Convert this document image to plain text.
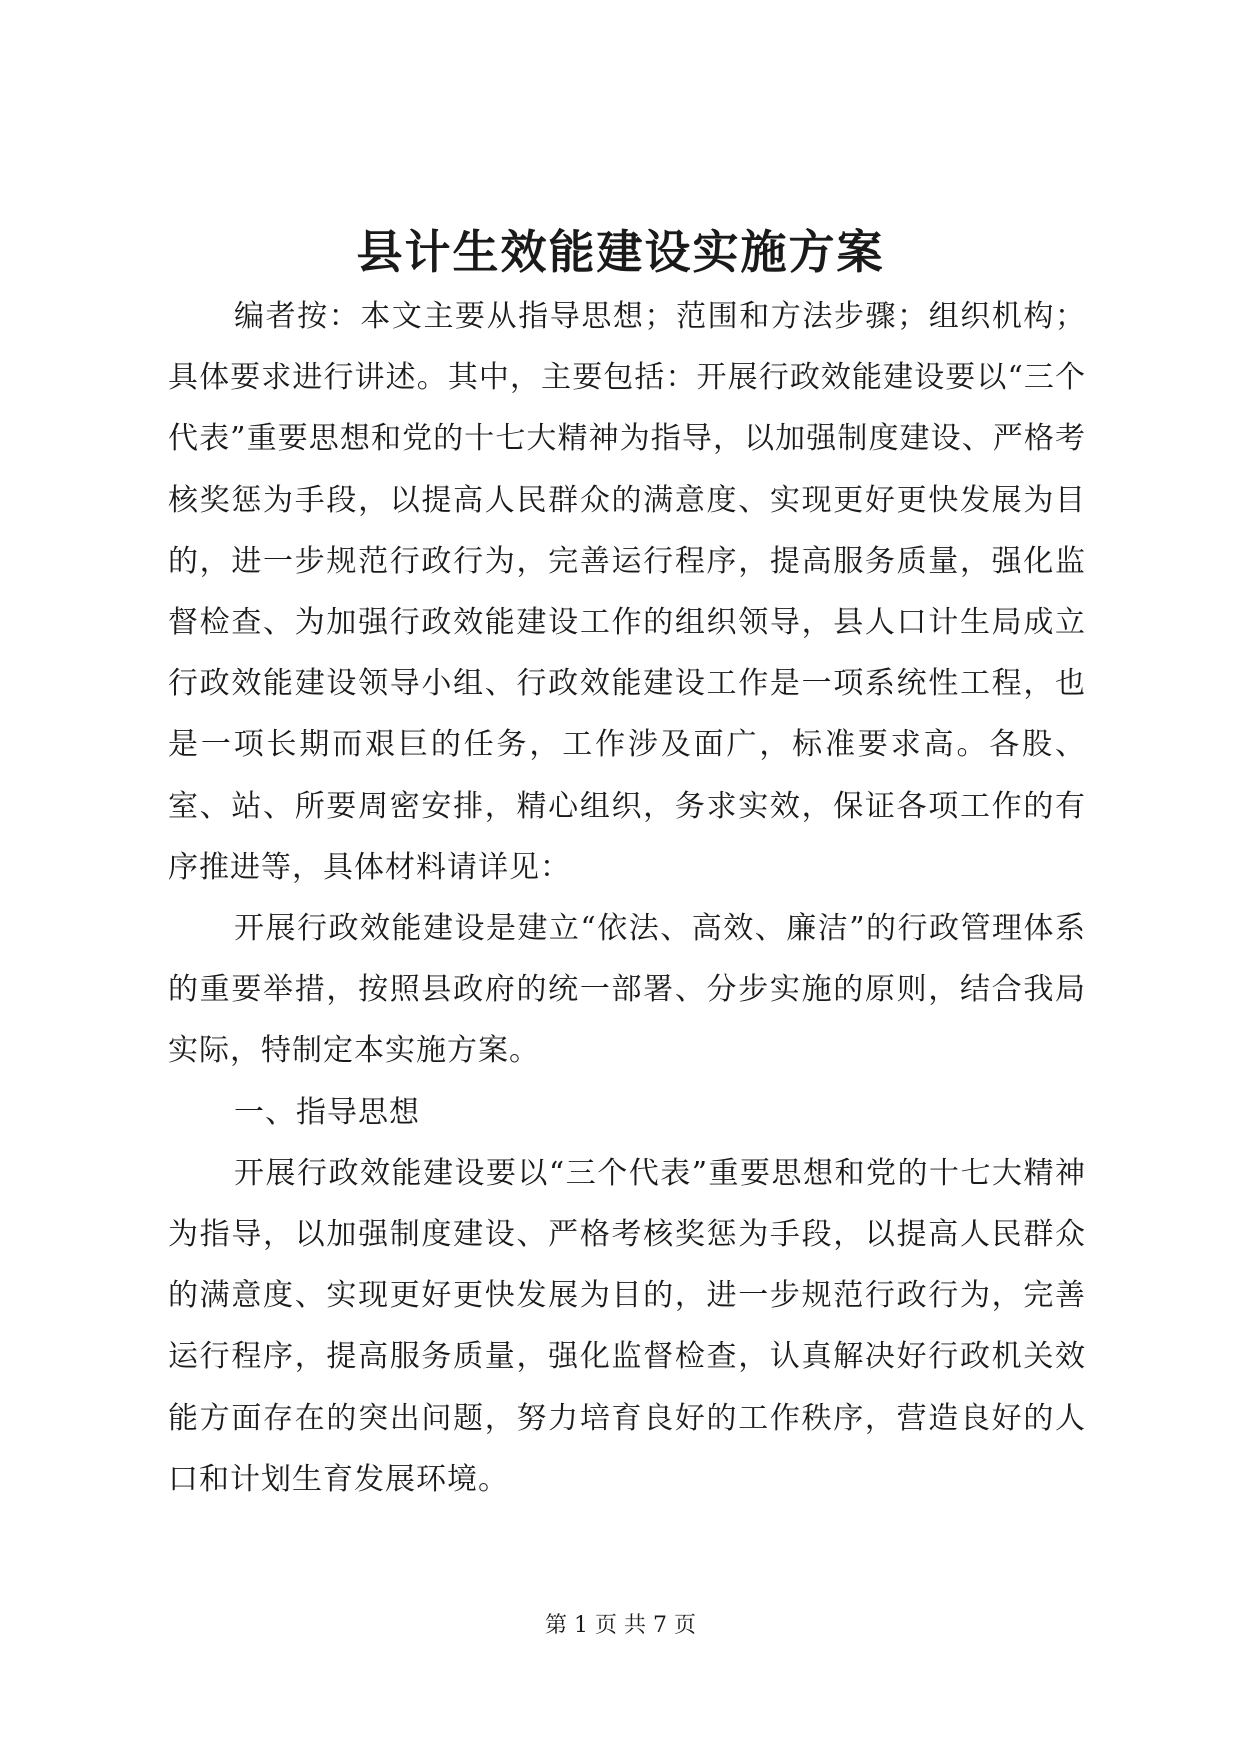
县计生效能建设实施方案

编者按：本文主要从指导思想；范围和方法步骤；组织机构；具体要求进行讲述。其中，主要包括：开展行政效能建设要以“三个代表”重要思想和党的十七大精神为指导，以加强制度建设、严格考核奖惩为手段，以提高人民群众的满意度、实现更好更快发展为目的，进一步规范行政行为，完善运行程序，提高服务质量，强化监督检查、为加强行政效能建设工作的组织领导，县人口计生局成立行政效能建设领导小组、行政效能建设工作是一项系统性工程，也是一项长期而艰巨的任务，工作涉及面广，标准要求高。各股、室、站、所要周密安排，精心组织，务求实效，保证各项工作的有序推进等，具体材料请详见：

开展行政效能建设是建立“依法、高效、廉洁”的行政管理体系的重要举措，按照县政府的统一部署、分步实施的原则，结合我局实际，特制定本实施方案。

一、指导思想

开展行政效能建设要以“三个代表”重要思想和党的十七大精神为指导，以加强制度建设、严格考核奖惩为手段，以提高人民群众的满意度、实现更好更快发展为目的，进一步规范行政行为，完善运行程序，提高服务质量，强化监督检查，认真解决好行政机关效能方面存在的突出问题，努力培育良好的工作秩序，营造良好的人口和计划生育发展环境。

第 1 页 共 7 页
